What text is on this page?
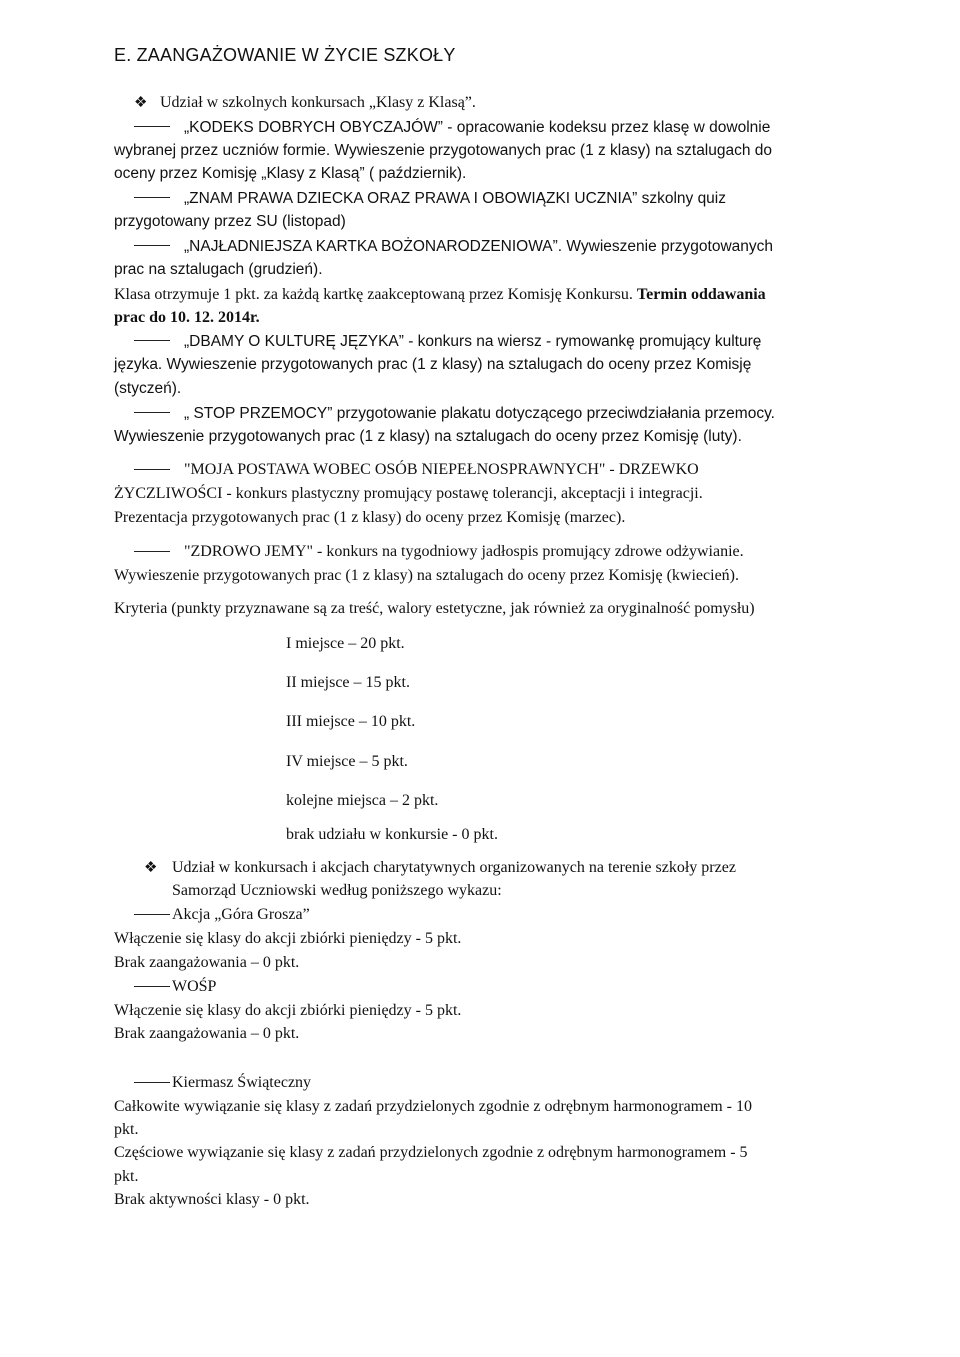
E. ZAANGAŻOWANIE W ŻYCIE SZKOŁY
❖ Udział w szkolnych konkursach „Klasy z Klasą”.
„KODEKS DOBRYCH OBYCZAJÓW” - opracowanie kodeksu przez klasę w dowolnie
wybranej przez uczniów formie. Wywieszenie przygotowanych prac (1 z klasy) na sztalugach do
oceny przez Komisję „Klasy z Klasą” ( październik).
„ZNAM PRAWA DZIECKA ORAZ PRAWA I OBOWIĄZKI UCZNIA” szkolny quiz
przygotowany przez SU (listopad)
„NAJŁADNIEJSZA KARTKA BOŻONARODZENIOWA”. Wywieszenie przygotowanych
prac na sztalugach (grudzień).
Klasa otrzymuje 1 pkt. za każdą kartkę zaakceptowaną przez Komisję Konkursu. Termin oddawania
prac do 10. 12. 2014r.
„DBAMY O KULTURĘ JĘZYKA” - konkurs na wiersz - rymowankę promujący kulturę
języka. Wywieszenie przygotowanych prac (1 z klasy) na sztalugach do oceny przez Komisję
(styczeń).
„ STOP PRZEMOCY” przygotowanie plakatu dotyczącego przeciwdziałania przemocy.
Wywieszenie przygotowanych prac (1 z klasy) na sztalugach do oceny przez Komisję (luty).
"MOJA POSTAWA WOBEC OSÓB NIEPEŁNOSPRAWNYCH" - DRZEWKO
ŻYCZLIWOŚCI - konkurs plastyczny promujący postawę tolerancji, akceptacji i integracji.
Prezentacja przygotowanych prac (1 z klasy) do oceny przez Komisję (marzec).
"ZDROWO JEMY" - konkurs na tygodniowy jadłospis promujący zdrowe odżywianie.
Wywieszenie przygotowanych prac (1 z klasy) na sztalugach do oceny przez Komisję (kwiecień).
Kryteria (punkty przyznawane są za treść, walory estetyczne, jak również za oryginalność pomysłu)
I miejsce – 20 pkt.
II miejsce – 15 pkt.
III miejsce – 10 pkt.
IV miejsce – 5 pkt.
kolejne miejsca – 2 pkt.
brak udziału w konkursie - 0 pkt.
❖ Udział w konkursach i akcjach charytatywnych organizowanych na terenie szkoły przez
Samorząd Uczniowski według poniższego wykazu:
Akcja „Góra Grosza”
Włączenie się klasy do akcji zbiórki pieniędzy - 5 pkt.
Brak zaangażowania – 0 pkt.
WOŚP
Włączenie się klasy do akcji zbiórki pieniędzy - 5 pkt.
Brak zaangażowania – 0 pkt.
Kiermasz Świąteczny
Całkowite wywiązanie się klasy z zadań przydzielonych zgodnie z odrębnym harmonogramem - 10
pkt.
Częściowe wywiązanie się klasy z zadań przydzielonych zgodnie z odrębnym harmonogramem - 5
pkt.
Brak aktywności klasy - 0 pkt.
